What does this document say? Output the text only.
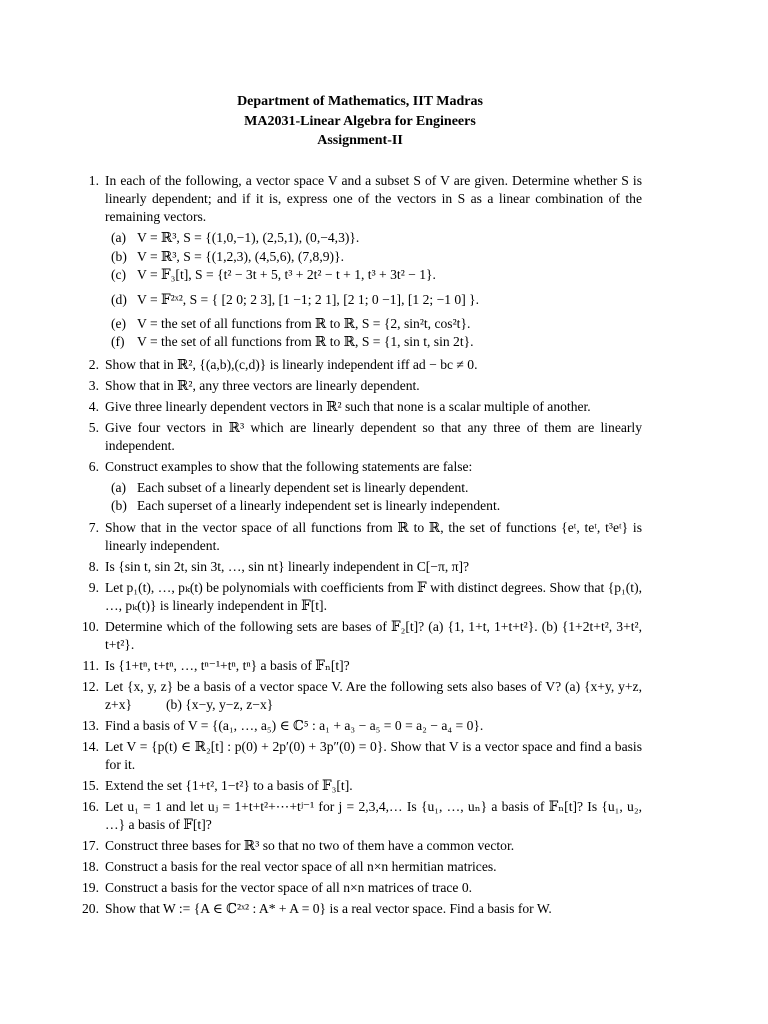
Department of Mathematics, IIT Madras
MA2031-Linear Algebra for Engineers
Assignment-II
1. In each of the following, a vector space V and a subset S of V are given. Determine whether S is linearly dependent; and if it is, express one of the vectors in S as a linear combination of the remaining vectors.
(a) V = ℝ³, S = {(1,0,−1), (2,5,1), (0,−4,3)}.
(b) V = ℝ³, S = {(1,2,3), (4,5,6), (7,8,9)}.
(c) V = 𝔽₃[t], S = {t² − 3t + 5, t³ + 2t² − t + 1, t³ + 3t² − 1}.
(d) V = 𝔽²ˣ², S = { [2 0; 2 3], [1 −1; 2 1], [2 1; 0 −1], [1 2; −1 0] }.
(e) V = the set of all functions from ℝ to ℝ, S = {2, sin²t, cos²t}.
(f) V = the set of all functions from ℝ to ℝ, S = {1, sin t, sin 2t}.
2. Show that in ℝ², {(a,b),(c,d)} is linearly independent iff ad − bc ≠ 0.
3. Show that in ℝ², any three vectors are linearly dependent.
4. Give three linearly dependent vectors in ℝ² such that none is a scalar multiple of another.
5. Give four vectors in ℝ³ which are linearly dependent so that any three of them are linearly independent.
6. Construct examples to show that the following statements are false:
(a) Each subset of a linearly dependent set is linearly dependent.
(b) Each superset of a linearly independent set is linearly independent.
7. Show that in the vector space of all functions from ℝ to ℝ, the set of functions {eᵗ, teᵗ, t³eᵗ} is linearly independent.
8. Is {sin t, sin 2t, sin 3t, …, sin nt} linearly independent in C[−π, π]?
9. Let p₁(t), …, pₖ(t) be polynomials with coefficients from 𝔽 with distinct degrees. Show that {p₁(t), …, pₖ(t)} is linearly independent in 𝔽[t].
10. Determine which of the following sets are bases of 𝔽₂[t]? (a) {1, 1+t, 1+t+t²}. (b) {1+2t+t², 3+t², t+t²}.
11. Is {1+tⁿ, t+tⁿ, …, tⁿ⁻¹+tⁿ, tⁿ} a basis of 𝔽ₙ[t]?
12. Let {x, y, z} be a basis of a vector space V. Are the following sets also bases of V? (a) {x+y, y+z, z+x}          (b) {x−y, y−z, z−x}
13. Find a basis of V = {(a₁, …, a₅) ∈ ℂ⁵ : a₁ + a₃ − a₅ = 0 = a₂ − a₄ = 0}.
14. Let V = {p(t) ∈ ℝ₂[t] : p(0) + 2p′(0) + 3p″(0) = 0}. Show that V is a vector space and find a basis for it.
15. Extend the set {1+t², 1−t²} to a basis of 𝔽₃[t].
16. Let u₁ = 1 and let uⱼ = 1+t+t²+⋯+tʲ⁻¹ for j = 2,3,4,… Is {u₁, …, uₙ} a basis of 𝔽ₙ[t]? Is {u₁, u₂, …} a basis of 𝔽[t]?
17. Construct three bases for ℝ³ so that no two of them have a common vector.
18. Construct a basis for the real vector space of all n×n hermitian matrices.
19. Construct a basis for the vector space of all n×n matrices of trace 0.
20. Show that W := {A ∈ ℂ²ˣ² : A* + A = 0} is a real vector space. Find a basis for W.
